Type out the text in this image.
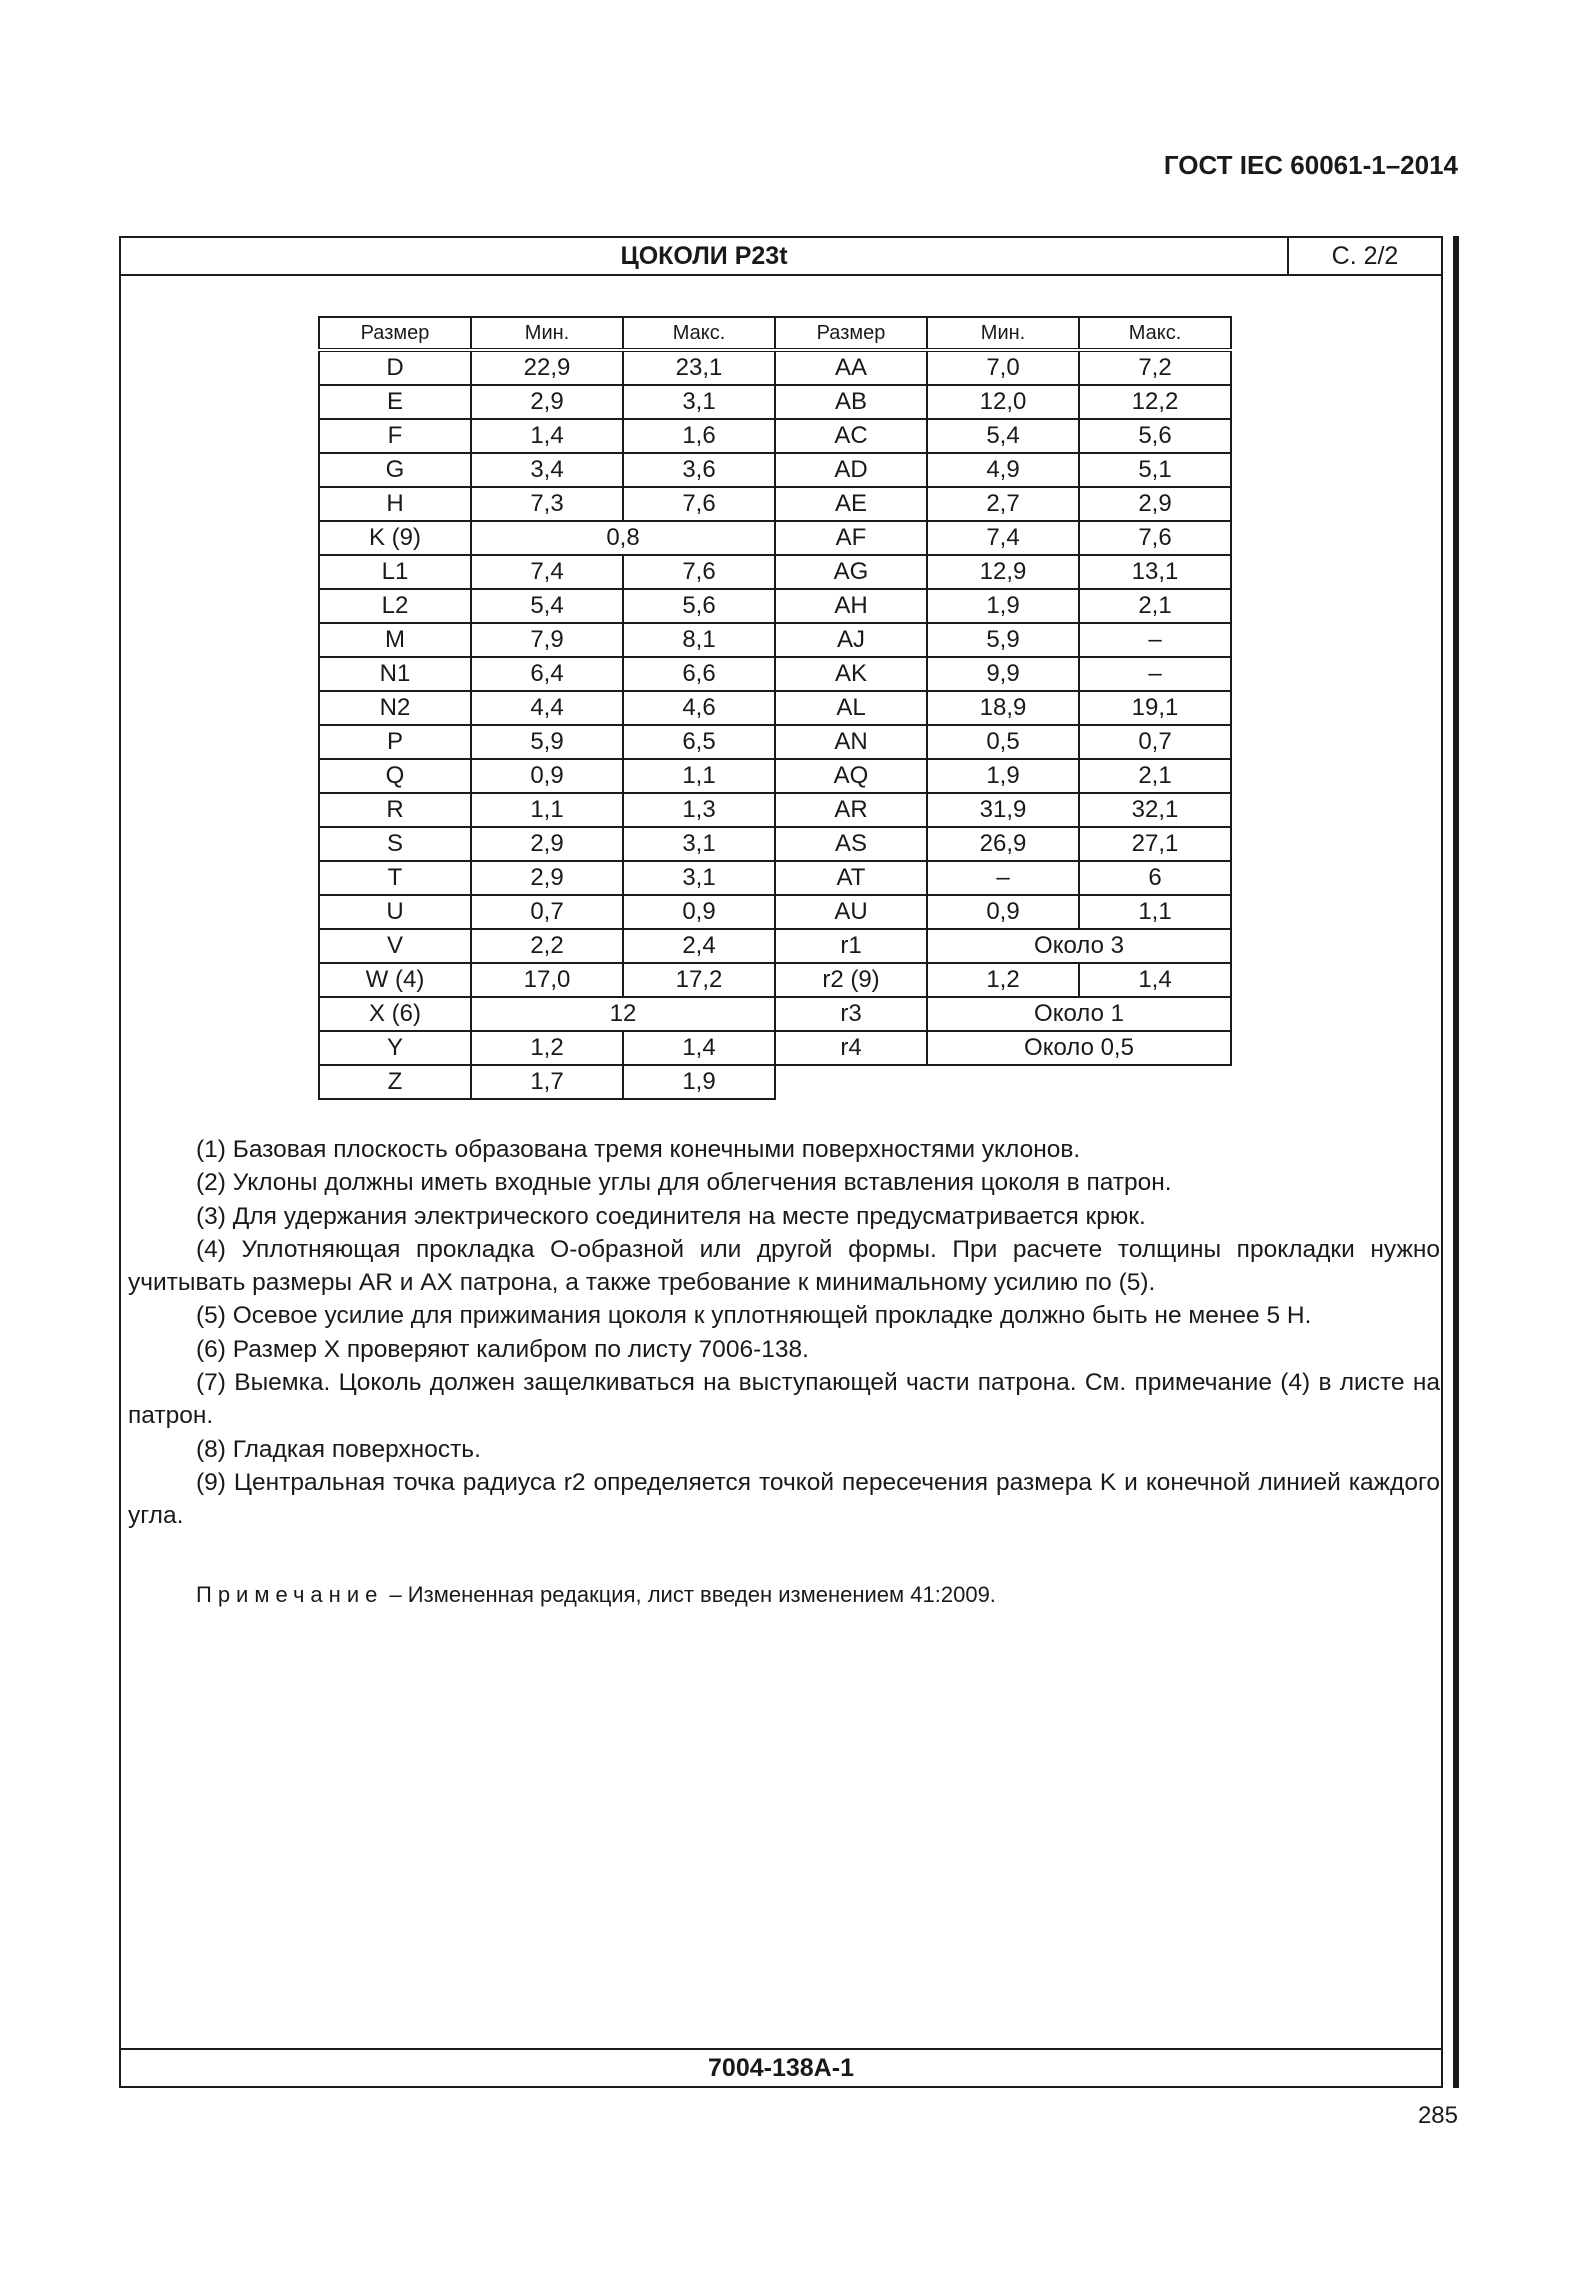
ГОСТ IEC 60061-1–2014
ЦОКОЛИ P23t	С. 2/2
7004-138A-1
Размер	Мин.	Макс.	Размер	Мин.	Макс.
D	22,9	23,1	AA	7,0	7,2
E	2,9	3,1	AB	12,0	12,2
F	1,4	1,6	AC	5,4	5,6
G	3,4	3,6	AD	4,9	5,1
H	7,3	7,6	AE	2,7	2,9
K (9)	0,8		AF	7,4	7,6
L1	7,4	7,6	AG	12,9	13,1
L2	5,4	5,6	AH	1,9	2,1
M	7,9	8,1	AJ	5,9	–
N1	6,4	6,6	AK	9,9	–
N2	4,4	4,6	AL	18,9	19,1
P	5,9	6,5	AN	0,5	0,7
Q	0,9	1,1	AQ	1,9	2,1
R	1,1	1,3	AR	31,9	32,1
S	2,9	3,1	AS	26,9	27,1
T	2,9	3,1	AT	–	6
U	0,7	0,9	AU	0,9	1,1
V	2,2	2,4	r1	Около 3	
W (4)	17,0	17,2	r2 (9)	1,2	1,4
X (6)	12		r3	Около 1	
Y	1,2	1,4	r4	Около 0,5	
Z	1,7	1,9			

(1) Базовая плоскость образована тремя конечными поверхностями уклонов.

(2) Уклоны должны иметь входные углы для облегчения вставления цоколя в патрон.

(3) Для удержания электрического соединителя на месте предусматривается крюк.

(4) Уплотняющая прокладка О-образной или другой формы. При расчете толщины прокладки нужно учитывать размеры AR и AX патрона, а также требование к минимальному усилию по (5).

(5) Осевое усилие для прижимания цоколя к уплотняющей прокладке должно быть не менее 5 Н.

(6) Размер X проверяют калибром по листу 7006-138.

(7) Выемка. Цоколь должен защелкиваться на выступающей части патрона. См. примечание (4) в листе на патрон.

(8) Гладкая поверхность.

(9) Центральная точка радиуса r2 определяется точкой пересечения размера K и конечной линией каждого угла.

Примечание – Измененная редакция, лист введен изменением 41:2009.
285
